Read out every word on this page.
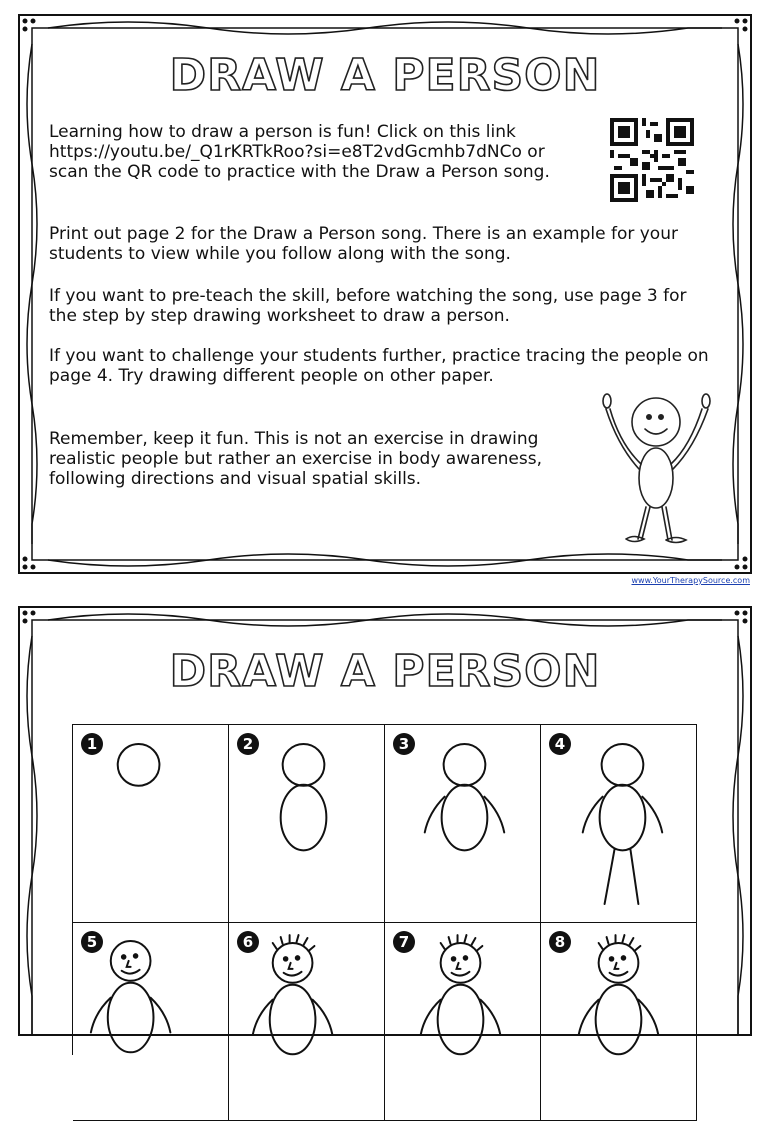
DRAW A PERSON

Learning how to draw a person is fun! Click on this link https://youtu.be/_Q1rKRTkRoo?si=e8T2vdGcmhb7dNCo or scan the QR code to practice with the Draw a Person song.

Print out page 2 for the Draw a Person song. There is an example for your students to view while you follow along with the song.

If you want to pre-teach the skill, before watching the song, use page 3 for the step by step drawing worksheet to draw a person.

If you want to challenge your students further, practice tracing the people on page 4. Try drawing different people on other paper.

Remember, keep it fun. This is not an exercise in drawing realistic people but rather an exercise in body awareness, following directions and visual spatial skills.

www.YourTherapySource.com
DRAW A PERSON
1	2	3	4
5	6	7	8
